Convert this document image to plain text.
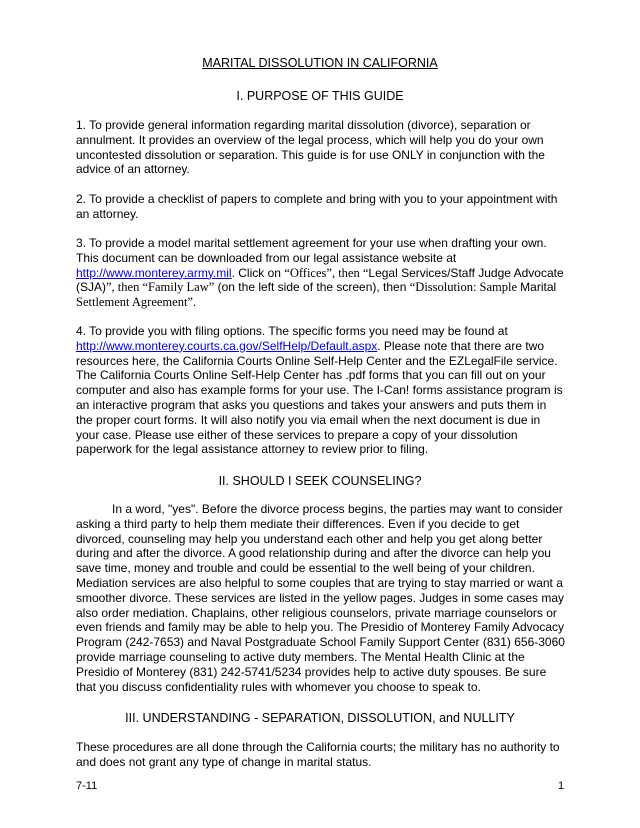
MARITAL DISSOLUTION IN CALIFORNIA

I. PURPOSE OF THIS GUIDE

1. To provide general information regarding marital dissolution (divorce), separation or annulment. It provides an overview of the legal process, which will help you do your own uncontested dissolution or separation. This guide is for use ONLY in conjunction with the advice of an attorney.

2. To provide a checklist of papers to complete and bring with you to your appointment with an attorney.

3. To provide a model marital settlement agreement for your use when drafting your own. This document can be downloaded from our legal assistance website at http://www.monterey.army.mil. Click on “Offices”, then “Legal Services/Staff Judge Advocate (SJA)”, then “Family Law” (on the left side of the screen), then “Dissolution: Sample Marital Settlement Agreement”.

4. To provide you with filing options. The specific forms you need may be found at http://www.monterey.courts.ca.gov/SelfHelp/Default.aspx. Please note that there are two resources here, the California Courts Online Self-Help Center and the EZLegalFile service. The California Courts Online Self-Help Center has .pdf forms that you can fill out on your computer and also has example forms for your use. The I-Can! forms assistance program is an interactive program that asks you questions and takes your answers and puts them in the proper court forms. It will also notify you via email when the next document is due in your case. Please use either of these services to prepare a copy of your dissolution paperwork for the legal assistance attorney to review prior to filing.

II. SHOULD I SEEK COUNSELING?

In a word, "yes". Before the divorce process begins, the parties may want to consider asking a third party to help them mediate their differences. Even if you decide to get divorced, counseling may help you understand each other and help you get along better during and after the divorce. A good relationship during and after the divorce can help you save time, money and trouble and could be essential to the well being of your children. Mediation services are also helpful to some couples that are trying to stay married or want a smoother divorce. These services are listed in the yellow pages. Judges in some cases may also order mediation. Chaplains, other religious counselors, private marriage counselors or even friends and family may be able to help you. The Presidio of Monterey Family Advocacy Program (242-7653) and Naval Postgraduate School Family Support Center (831) 656-3060 provide marriage counseling to active duty members. The Mental Health Clinic at the Presidio of Monterey (831) 242-5741/5234 provides help to active duty spouses. Be sure that you discuss confidentiality rules with whomever you choose to speak to.

III. UNDERSTANDING - SEPARATION, DISSOLUTION, and NULLITY

These procedures are all done through the California courts; the military has no authority to and does not grant any type of change in marital status.

7-11	1
